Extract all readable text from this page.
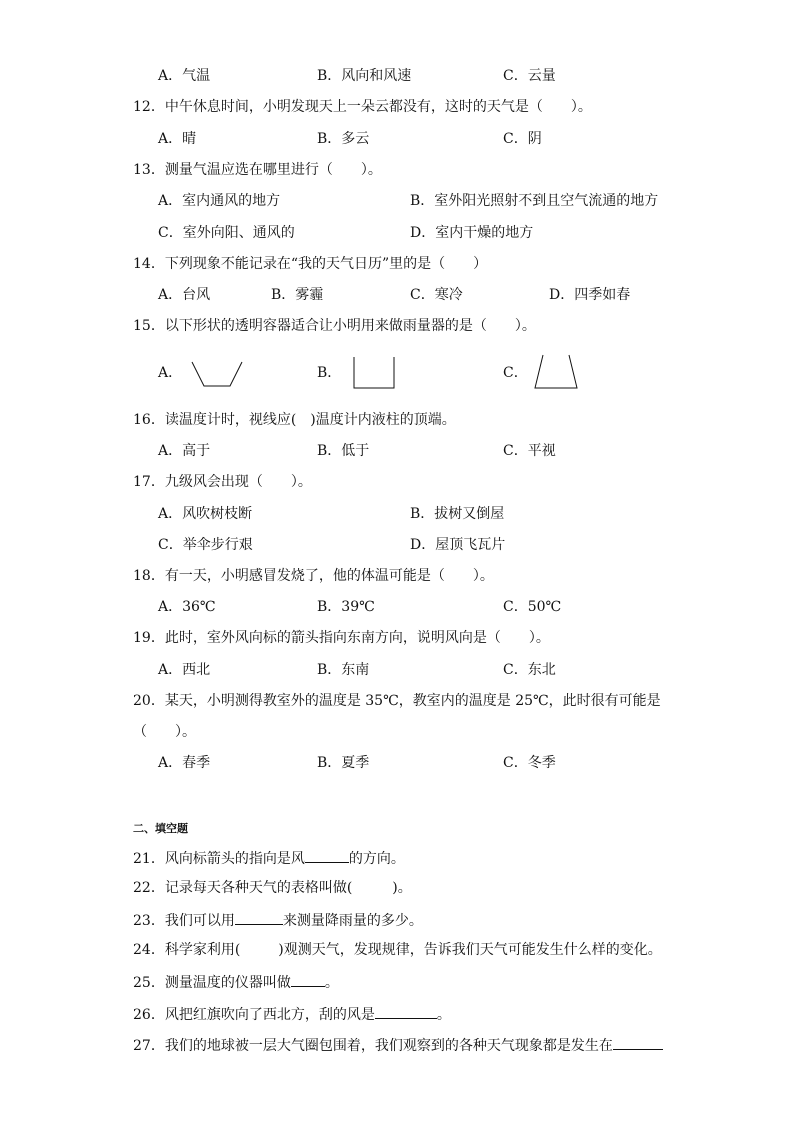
A．气温	B．风向和风速	C．云量
12．中午休息时间，小明发现天上一朵云都没有，这时的天气是（　　）。
A．晴	B．多云	C．阴
13．测量气温应选在哪里进行（　　）。
A．室内通风的地方	B．室外阳光照射不到且空气流通的地方
C．室外向阳、通风的	D．室内干燥的地方
14．下列现象不能记录在“我的天气日历”里的是（　　）
A．台风	B．雾霾	C．寒冷	D．四季如春
15．以下形状的透明容器适合让小明用来做雨量器的是（　　）。
A．	B．	C．
16．读温度计时，视线应(　)温度计内液柱的顶端。
A．高于	B．低于	C．平视
17．九级风会出现（　　）。
A．风吹树枝断	B．拔树又倒屋
C．举伞步行艰	D．屋顶飞瓦片
18．有一天，小明感冒发烧了，他的体温可能是（　　）。
A．36℃	B．39℃	C．50℃
19．此时，室外风向标的箭头指向东南方向，说明风向是（　　）。
A．西北	B．东南	C．东北
20．某天，小明测得教室外的温度是 35℃，教室内的温度是 25℃，此时很有可能是
（　　）。
A．春季	B．夏季	C．冬季
二、填空题
21．风向标箭头的指向是风	的方向。
22．记录每天各种天气的表格叫做(	)。
23．我们可以用	来测量降雨量的多少。
24．科学家利用(	)观测天气，发现规律，告诉我们天气可能发生什么样的变化。
25．测量温度的仪器叫做 。
26．风把红旗吹向了西北方，刮的风是	。
27．我们的地球被一层大气圈包围着，我们观察到的各种天气现象都是发生在
